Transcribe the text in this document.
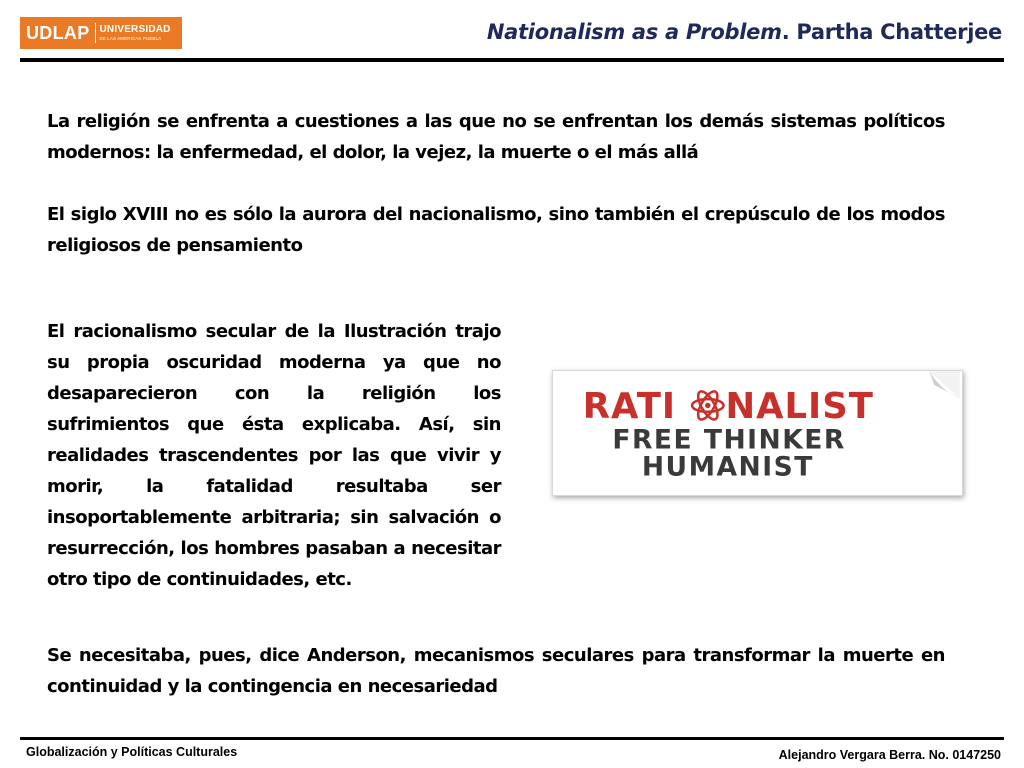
UDLAP UNIVERSIDAD
DE LAS AMÉRICAS PUEBLA	Nationalism as a Problem. Partha Chatterjee

La religión se enfrenta a cuestiones a las que no se enfrentan los demás sistemas políticos modernos: la enfermedad, el dolor, la vejez, la muerte o el más allá

El siglo XVIII no es sólo la aurora del nacionalismo, sino también el crepúsculo de los modos religiosos de pensamiento

El racionalismo secular de la Ilustración trajo su propia oscuridad moderna ya que no desaparecieron con la religión los sufrimientos que ésta explicaba. Así, sin realidades trascendentes por las que vivir y morir, la fatalidad resultaba ser insoportablemente arbitraria; sin salvación o resurrección, los hombres pasaban a necesitar otro tipo de continuidades, etc.

RATI NALIST
FREE THINKER
HUMANIST

Se necesitaba, pues, dice Anderson, mecanismos seculares para transformar la muerte en continuidad y la contingencia en necesariedad

Globalización y Políticas Culturales	Alejandro Vergara Berra. No. 0147250
